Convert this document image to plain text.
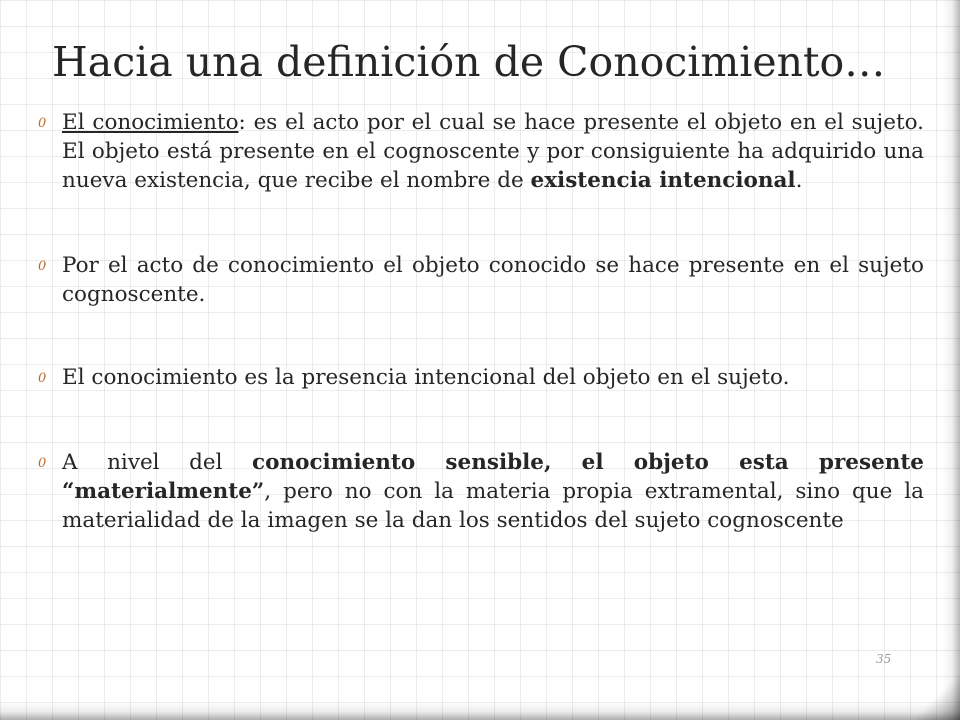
Hacia una definición de Conocimiento…
0 El conocimiento: es el acto por el cual se hace presente el objeto en el sujeto. El objeto está presente en el cognoscente y por consiguiente ha adquirido una nueva existencia, que recibe el nombre de existencia intencional.
0 Por el acto de conocimiento el objeto conocido se hace presente en el sujeto cognoscente.
0 El conocimiento es la presencia intencional del objeto en el sujeto.
0 A nivel del conocimiento sensible, el objeto esta presente “materialmente”, pero no con la materia propia extramental, sino que la materialidad de la imagen se la dan los sentidos del sujeto cognoscente
35
